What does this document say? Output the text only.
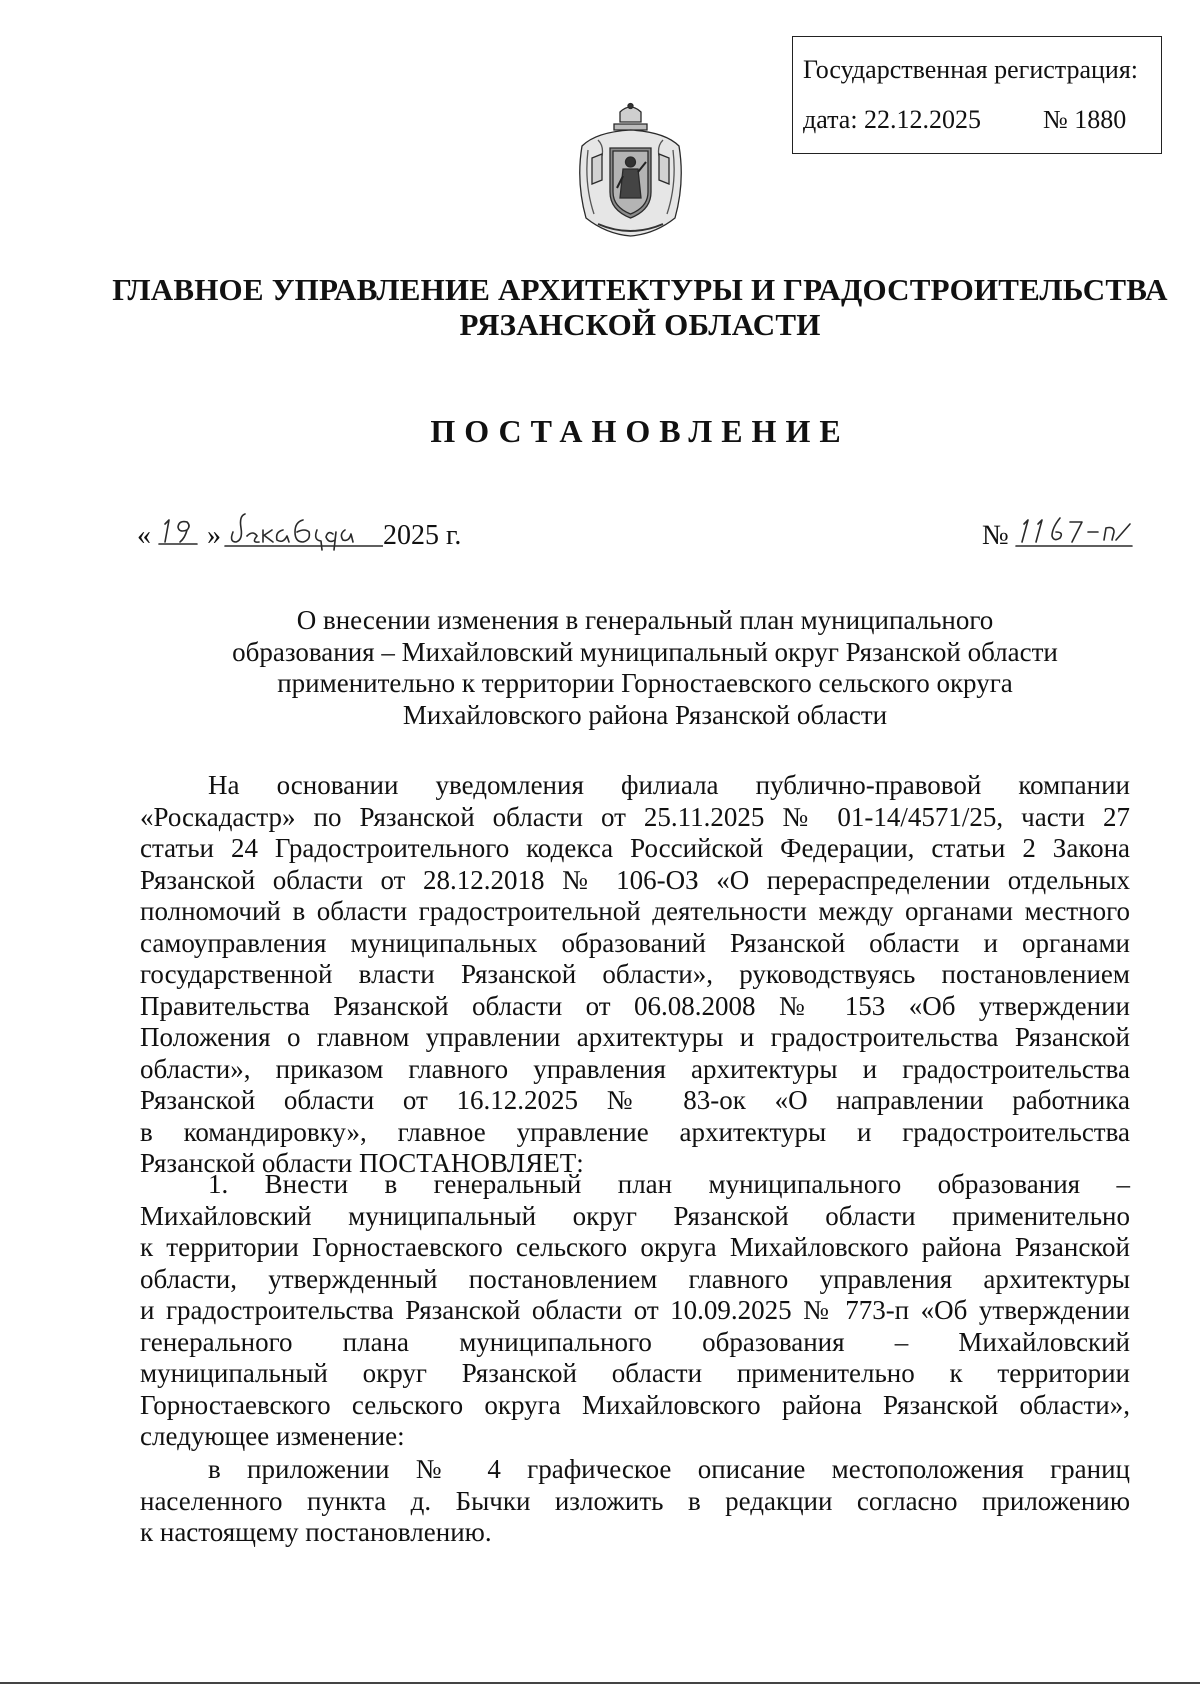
Государственная регистрация:
дата: 22.12.2025 № 1880
ГЛАВНОЕ УПРАВЛЕНИЕ АРХИТЕКТУРЫ И ГРАДОСТРОИТЕЛЬСТВА
РЯЗАНСКОЙ ОБЛАСТИ
ПОСТАНОВЛЕНИЕ
« »	2025 г.	№
О внесении изменения в генеральный план муниципального
образования – Михайловский муниципальный округ Рязанской области
применительно к территории Горностаевского сельского округа
Михайловского района Рязанской области
На основании уведомления филиала публично-правовой компании
«Роскадастр» по Рязанской области от 25.11.2025 № 01-14/4571/25, части 27
статьи 24 Градостроительного кодекса Российской Федерации, статьи 2 Закона
Рязанской области от 28.12.2018 № 106-ОЗ «О перераспределении отдельных
полномочий в области градостроительной деятельности между органами местного
самоуправления муниципальных образований Рязанской области и органами
государственной власти Рязанской области», руководствуясь постановлением
Правительства Рязанской области от 06.08.2008 № 153 «Об утверждении
Положения о главном управлении архитектуры и градостроительства Рязанской
области», приказом главного управления архитектуры и градостроительства
Рязанской области от 16.12.2025 № 83-ок «О направлении работника
в командировку», главное управление архитектуры и градостроительства
Рязанской области ПОСТАНОВЛЯЕТ:
1. Внести в генеральный план муниципального образования –
Михайловский муниципальный округ Рязанской области применительно
к территории Горностаевского сельского округа Михайловского района Рязанской
области, утвержденный постановлением главного управления архитектуры
и градостроительства Рязанской области от 10.09.2025 № 773-п «Об утверждении
генерального плана муниципального образования – Михайловский
муниципальный округ Рязанской области применительно к территории
Горностаевского сельского округа Михайловского района Рязанской области»,
следующее изменение:
в приложении № 4 графическое описание местоположения границ
населенного пункта д. Бычки изложить в редакции согласно приложению
к настоящему постановлению.
